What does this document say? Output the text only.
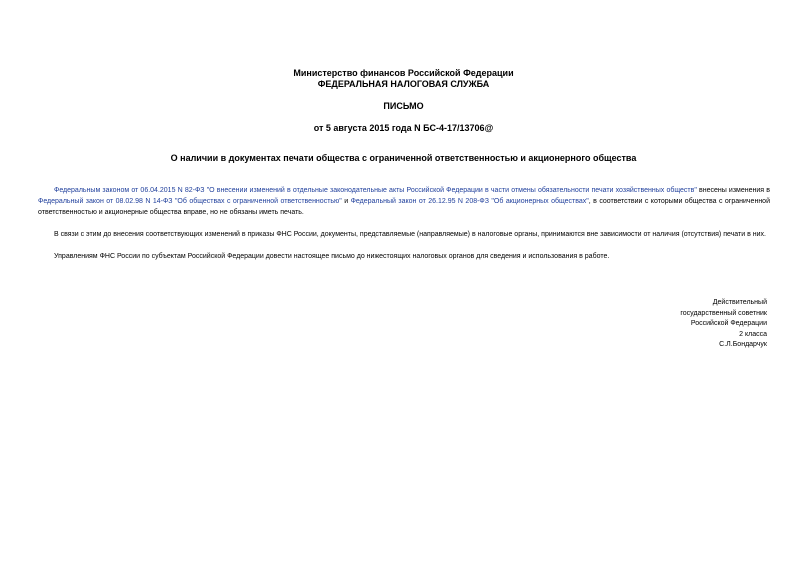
Министерство финансов Российской Федерации
ФЕДЕРАЛЬНАЯ НАЛОГОВАЯ СЛУЖБА
ПИСЬМО
от 5 августа 2015 года N БС-4-17/13706@
О наличии в документах печати общества с ограниченной ответственностью и акционерного общества

Федеральным законом от 06.04.2015 N 82-ФЗ "О внесении изменений в отдельные законодательные акты Российской Федерации в части отмены обязательности печати хозяйственных обществ" внесены изменения в Федеральный закон от 08.02.98 N 14-ФЗ "Об обществах с ограниченной ответственностью" и Федеральный закон от 26.12.95 N 208-ФЗ "Об акционерных обществах", в соответствии с которыми общества с ограниченной ответственностью и акционерные общества вправе, но не обязаны иметь печать.

В связи с этим до внесения соответствующих изменений в приказы ФНС России, документы, представляемые (направляемые) в налоговые органы, принимаются вне зависимости от наличия (отсутствия) печати в них.

Управлениям ФНС России по субъектам Российской Федерации довести настоящее письмо до нижестоящих налоговых органов для сведения и использования в работе.

Действительный
государственный советник
Российской Федерации
2 класса
С.Л.Бондарчук
